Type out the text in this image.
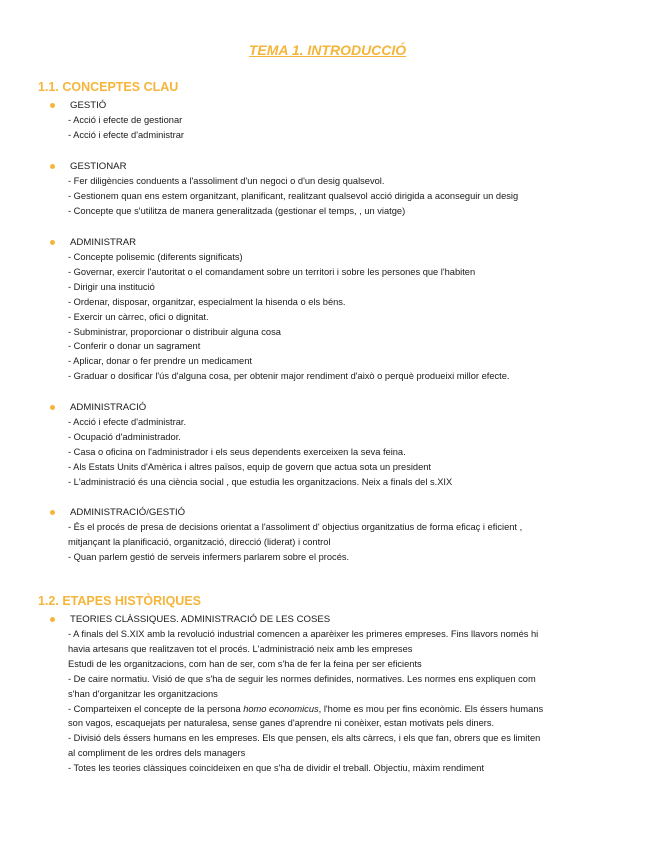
TEMA 1. INTRODUCCIÓ
1.1. CONCEPTES CLAU
GESTIÓ
- Acció i efecte de gestionar
- Acció i efecte d'administrar
GESTIONAR
- Fer diligències conduents a l'assoliment d'un negoci o d'un desig qualsevol.
- Gestionem quan ens estem organitzant, planificant, realitzant qualsevol acció dirigida a aconseguir un desig
- Concepte que s'utilitza de manera generalitzada (gestionar el temps, , un viatge)
ADMINISTRAR
- Concepte polisemic (diferents significats)
- Governar, exercir l'autoritat o el comandament sobre un territori i sobre les persones que l'habiten
- Dirigir una institució
- Ordenar, disposar, organitzar, especialment la hisenda o els béns.
- Exercir un càrrec, ofici o dignitat.
- Subministrar, proporcionar o distribuir alguna cosa
- Conferir o donar un sagrament
- Aplicar, donar o fer prendre un medicament
- Graduar o dosificar l'ús d'alguna cosa, per obtenir major rendiment d'això o perquè produeixi millor efecte.
ADMINISTRACIÓ
- Acció i efecte d'administrar.
- Ocupació d'administrador.
- Casa o oficina on l'administrador i els seus dependents exerceixen la seva feina.
- Als Estats Units d'Amèrica i altres països, equip de govern que actua sota un president
- L'administració és una ciència social , que estudia les organitzacions. Neix a finals del s.XIX
ADMINISTRACIÓ/GESTIÓ
- És el procés de presa de decisions orientat a l'assoliment d' objectius organitzatius de forma eficaç i eficient ,
mitjançant la planificació, organització, direcció (liderat) i control
- Quan parlem gestió de serveis infermers parlarem sobre el procés.
1.2. ETAPES HISTÒRIQUES
TEORIES CLÀSSIQUES. ADMINISTRACIÓ DE LES COSES
- A finals del S.XIX amb la revolució industrial comencen a aparèixer les primeres empreses. Fins llavors només hi
havia artesans que realitzaven tot el procés. L'administració neix amb les empreses
Estudi de les organitzacions, com han de ser, com s'ha de fer la feina per ser eficients
- De caire normatiu. Visió de que s'ha de seguir les normes definides, normatives. Les normes ens expliquen com
s'han d'organitzar les organitzacions
- Comparteixen el concepte de la persona homo economicus, l'home es mou per fins econòmic. Els éssers humans
son vagos, escaquejats per naturalesa, sense ganes d'aprendre ni conèixer, estan motivats pels diners.
- Divisió dels éssers humans en les empreses. Els que pensen, els alts càrrecs, i els que fan, obrers que es limiten
al compliment de les ordres dels managers
- Totes les teories clàssiques coincideixen en que s'ha de dividir el treball. Objectiu, màxim rendiment
